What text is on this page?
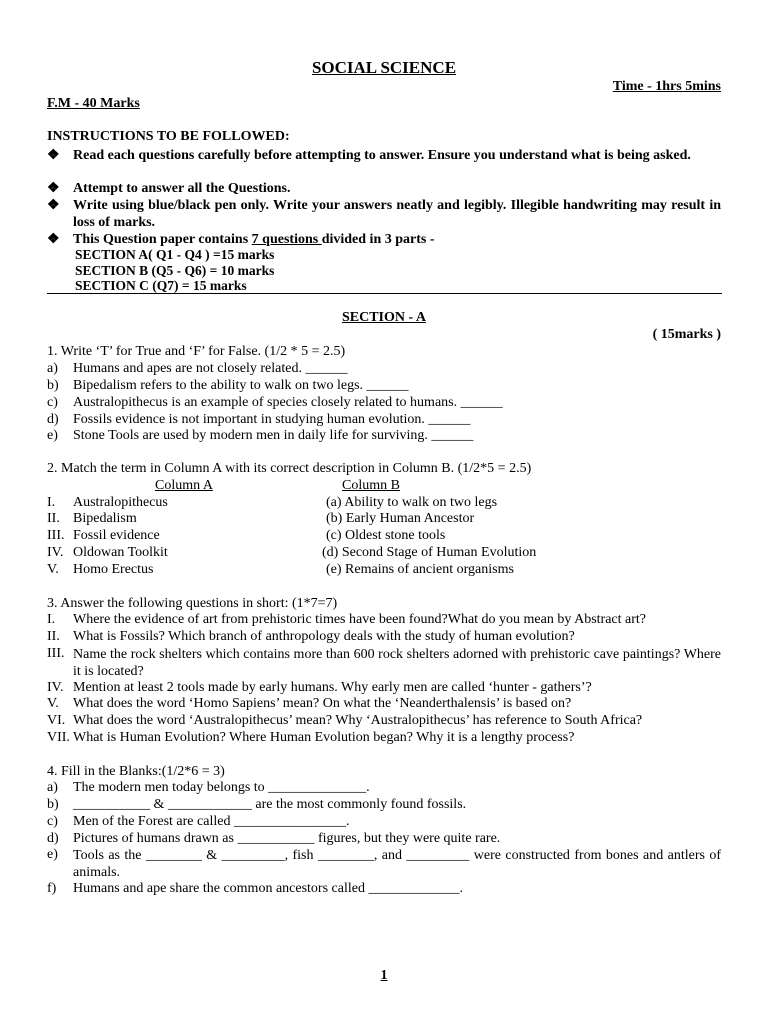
SOCIAL SCIENCE
Time - 1hrs 5mins
F.M - 40 Marks
INSTRUCTIONS TO BE FOLLOWED:
❖ Read each questions carefully before attempting to answer. Ensure you understand what is being asked.
❖ Attempt to answer all the Questions.
❖ Write using blue/black pen only. Write your answers neatly and legibly. Illegible handwriting may result in loss of marks.
❖ This Question paper contains 7 questions divided in 3 parts -
SECTION A( Q1 - Q4 ) =15 marks
SECTION B (Q5 - Q6) = 10 marks
SECTION C (Q7) = 15 marks
SECTION - A
( 15marks )
1. Write ‘T’ for True and ‘F’ for False. (1/2 * 5 = 2.5)
a) Humans and apes are not closely related. ______
b) Bipedalism refers to the ability to walk on two legs. ______
c) Australopithecus is an example of species closely related to humans. ______
d) Fossils evidence is not important in studying human evolution. ______
e) Stone Tools are used by modern men in daily life for surviving. ______
2. Match the term in Column A with its correct description in Column B. (1/2*5 = 2.5)
Column A	Column B
I. Australopithecus	(a) Ability to walk on two legs
II. Bipedalism	(b) Early Human Ancestor
III. Fossil evidence	(c) Oldest stone tools
IV. Oldowan Toolkit	(d) Second Stage of Human Evolution
V. Homo Erectus	(e) Remains of ancient organisms
3. Answer the following questions in short: (1*7=7)
I. Where the evidence of art from prehistoric times have been found?What do you mean by Abstract art?
II. What is Fossils? Which branch of anthropology deals with the study of human evolution?
III. Name the rock shelters which contains more than 600 rock shelters adorned with prehistoric cave paintings? Where it is located?
IV. Mention at least 2 tools made by early humans. Why early men are called ‘hunter - gathers’?
V. What does the word ‘Homo Sapiens’ mean? On what the ‘Neanderthalensis’ is based on?
VI. What does the word ‘Australopithecus’ mean? Why ‘Australopithecus’ has reference to South Africa?
VII. What is Human Evolution? Where Human Evolution began? Why it is a lengthy process?
4. Fill in the Blanks:(1/2*6 = 3)
a) The modern men today belongs to ______________.
b) ___________ & ____________ are the most commonly found fossils.
c) Men of the Forest are called ________________.
d) Pictures of humans drawn as ___________ figures, but they were quite rare.
e) Tools as the ________ & _________, fish ________, and _________ were constructed from bones and antlers of animals.
f) Humans and ape share the common ancestors called _____________.
1
